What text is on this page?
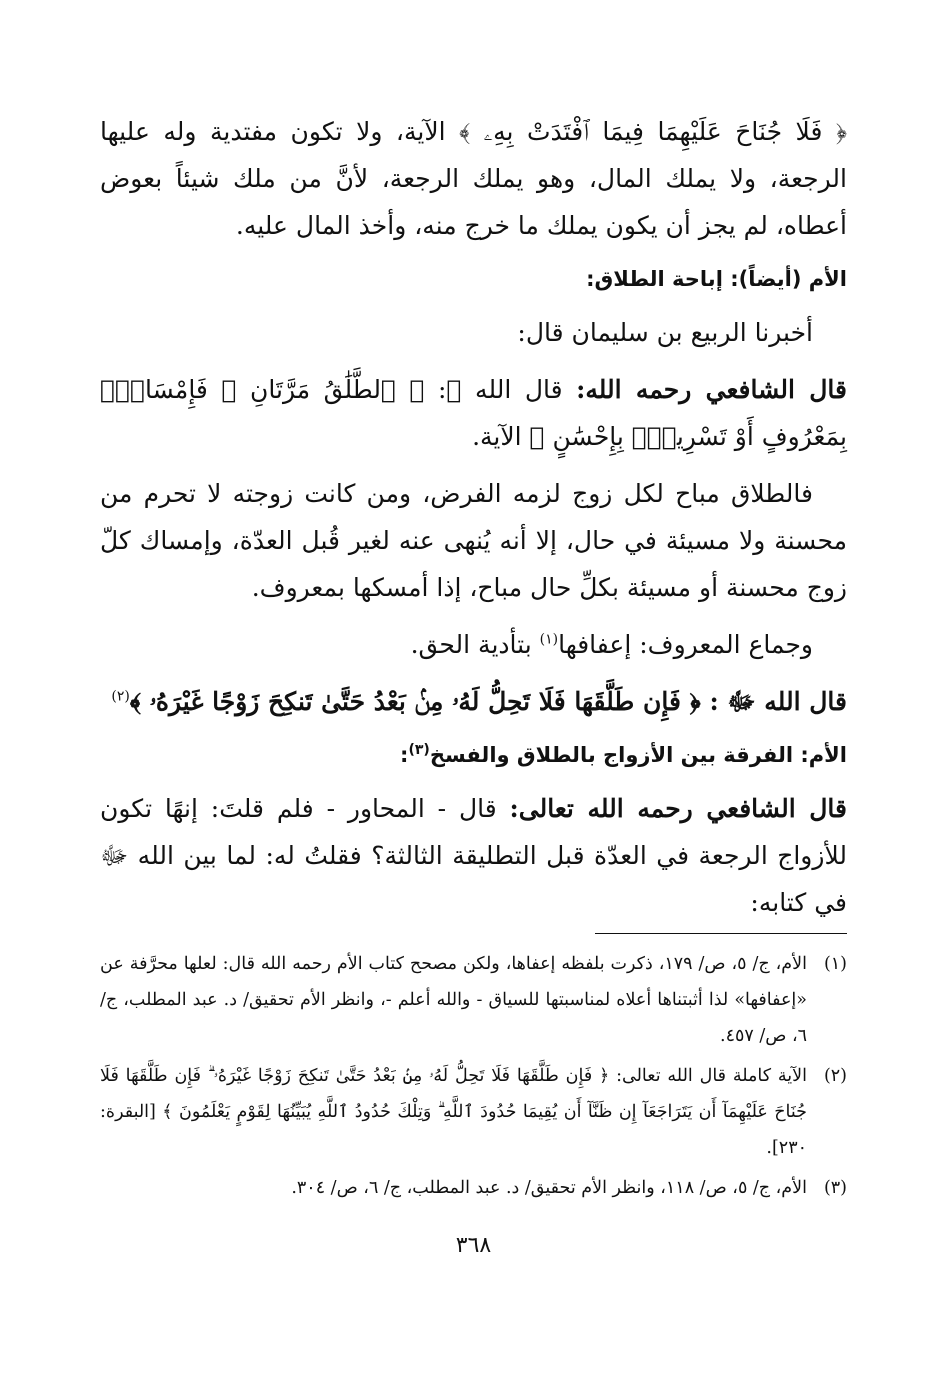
﴿ فَلَا جُنَاحَ عَلَيْهِمَا فِيمَا ٱفْتَدَتْ بِهِۦ ﴾ الآية، ولا تكون مفتدية وله عليها الرجعة، ولا يملك المال، وهو يملك الرجعة، لأنَّ من ملك شيئاً بعوض أعطاه، لم يجز أن يكون يملك ما خرج منه، وأخذ المال عليه.

الأم (أيضاً): إباحة الطلاق:

أخبرنا الربيع بن سليمان قال:

قال الشافعي رحمه الله: قال الله ﷻ: ﴿ ٱلطَّلَٰقُ مَرَّتَانِ ۖ فَإِمْسَاكٌۢ بِمَعْرُوفٍ أَوْ تَسْرِيحٌۢ بِإِحْسَٰنٍ ﴾ الآية.

فالطلاق مباح لكل زوج لزمه الفرض، ومن كانت زوجته لا تحرم من محسنة ولا مسيئة في حال، إلا أنه يُنهى عنه لغير قُبل العدّة، وإمساك كلّ زوج محسنة أو مسيئة بكلِّ حال مباح، إذا أمسكها بمعروف.

وجماع المعروف: إعفافها$^{(١)}$ بتأدية الحق.

قال الله ﷻ : ﴿ فَإِن طَلَّقَهَا فَلَا تَحِلُّ لَهُۥ مِنۢ بَعْدُ حَتَّىٰ تَنكِحَ زَوْجًا غَيْرَهُۥ ﴾$^{(٢)}$

الأم: الفرقة بين الأزواج بالطلاق والفسخ$^{(٣)}$:

قال الشافعي رحمه الله تعالى: قال - المحاور - فلم قلتَ: إنهًا تكون للأزواج الرجعة في العدّة قبل التطليقة الثالثة؟ فقلتُ له: لما بين الله ﷻ في كتابه:

(١)
الأم، ج/ ٥، ص/ ١٧٩، ذكرت بلفظه إعفاها، ولكن مصحح كتاب الأم رحمه الله قال: لعلها محرَّفة عن «إعفافها» لذا أثبتناها أعلاه لمناسبتها للسياق - والله أعلم -، وانظر الأم تحقيق/ د. عبد المطلب، ج/ ٦، ص/ ٤٥٧.
(٢)
الآية كاملة قال الله تعالى: ﴿ فَإِن طَلَّقَهَا فَلَا تَحِلُّ لَهُۥ مِنۢ بَعْدُ حَتَّىٰ تَنكِحَ زَوْجًا غَيْرَهُۥ ۗ فَإِن طَلَّقَهَا فَلَا جُنَاحَ عَلَيْهِمَآ أَن يَتَرَاجَعَآ إِن ظَنَّآ أَن يُقِيمَا حُدُودَ ٱللَّهِ ۗ وَتِلْكَ حُدُودُ ٱللَّهِ يُبَيِّنُهَا لِقَوْمٍ يَعْلَمُونَ ﴾ [البقرة: ٢٣٠].
(٣)
الأم، ج/ ٥، ص/ ١١٨، وانظر الأم تحقيق/ د. عبد المطلب، ج/ ٦، ص/ ٣٠٤.
٣٦٨
